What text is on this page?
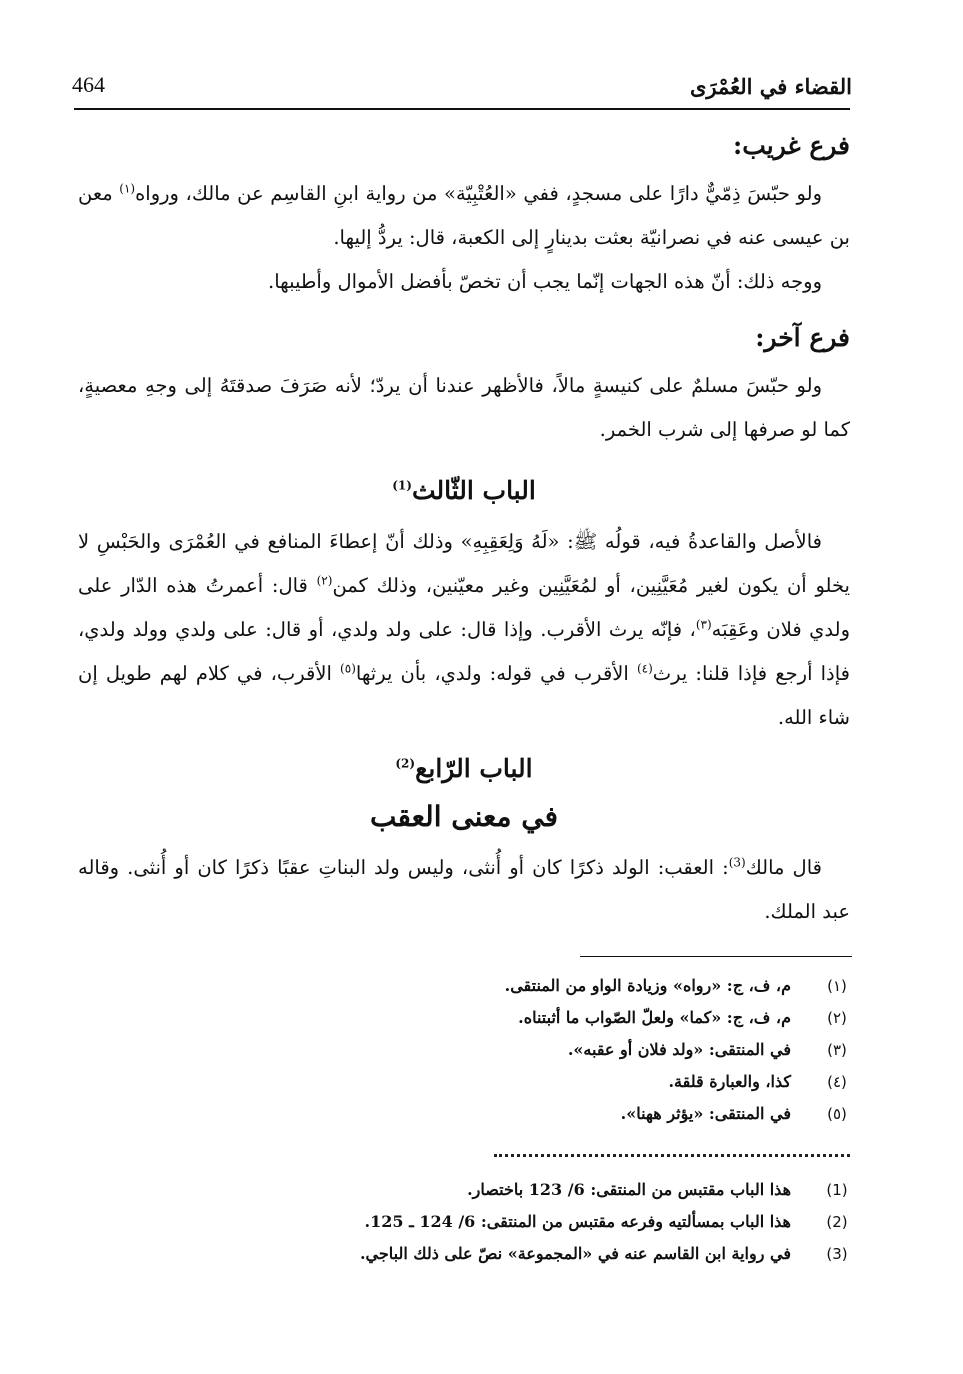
القضاء في العُمْرَى
464
فرع غريب:

ولو حبّسَ ذِمّيٌّ دارًا على مسجدٍ، ففي «العُتْبِيّة» من رواية ابنِ القاسِم عن مالك، ورواه$^{(١)}$ معن بن عيسى عنه في نصرانيّة بعثت بدينارٍ إلى الكعبة، قال: يردُّ إليها.

ووجه ذلك: أنّ هذه الجهات إنّما يجب أن تخصّ بأفضل الأموال وأطيبها.

فرع آخر:

ولو حبّسَ مسلمٌ على كنيسةٍ مالاً، فالأظهر عندنا أن يردّ؛ لأنه صَرَفَ صدقتَهُ إلى وجهِ معصيةٍ، كما لو صرفها إلى شرب الخمر.

الباب الثّالث$^{(1)}$

فالأصل والقاعدةُ فيه، قولُه ﷺ: «لَهُ وَلِعَقِبِهِ» وذلك أنّ إعطاءَ المنافع في العُمْرَى والحَبْسِ لا يخلو أن يكون لغير مُعَيَّنِين، أو لمُعَيَّنِين وغير معيّنين، وذلك كمن$^{(٢)}$ قال: أعمرتُ هذه الدّار على ولدي فلان وعَقِبَه$^{(٣)}$، فإنّه يرث الأقرب. وإذا قال: على ولد ولدي، أو قال: على ولدي وولد ولدي، فإذا أرجع فإذا قلنا: يرث$^{(٤)}$ الأقرب في قوله: ولدي، بأن يرثها$^{(٥)}$ الأقرب، في كلام لهم طويل إن شاء الله.

الباب الرّابع$^{(2)}$
في معنى العقب

قال مالك$^{(3)}$: العقب: الولد ذكرًا كان أو أُنثى، وليس ولد البناتِ عقبًا ذكرًا كان أو أُنثى. وقاله عبد الملك.

(١)
م، ف، ج: «رواه» وزيادة الواو من المنتقى.
(٢)
م، ف، ج: «كما» ولعلّ الصّواب ما أثبتناه.
(٣)
في المنتقى: «ولد فلان أو عقبه».
(٤)
كذا، والعبارة قلقة.
(٥)
في المنتقى: «يؤثر ههنا».
(1)
هذا الباب مقتبس من المنتقى: 6/ 123 باختصار.
(2)
هذا الباب بمسألتيه وفرعه مقتبس من المنتقى: 6/ 124 ـ 125.
(3)
في رواية ابن القاسم عنه في «المجموعة» نصّ على ذلك الباجي.
